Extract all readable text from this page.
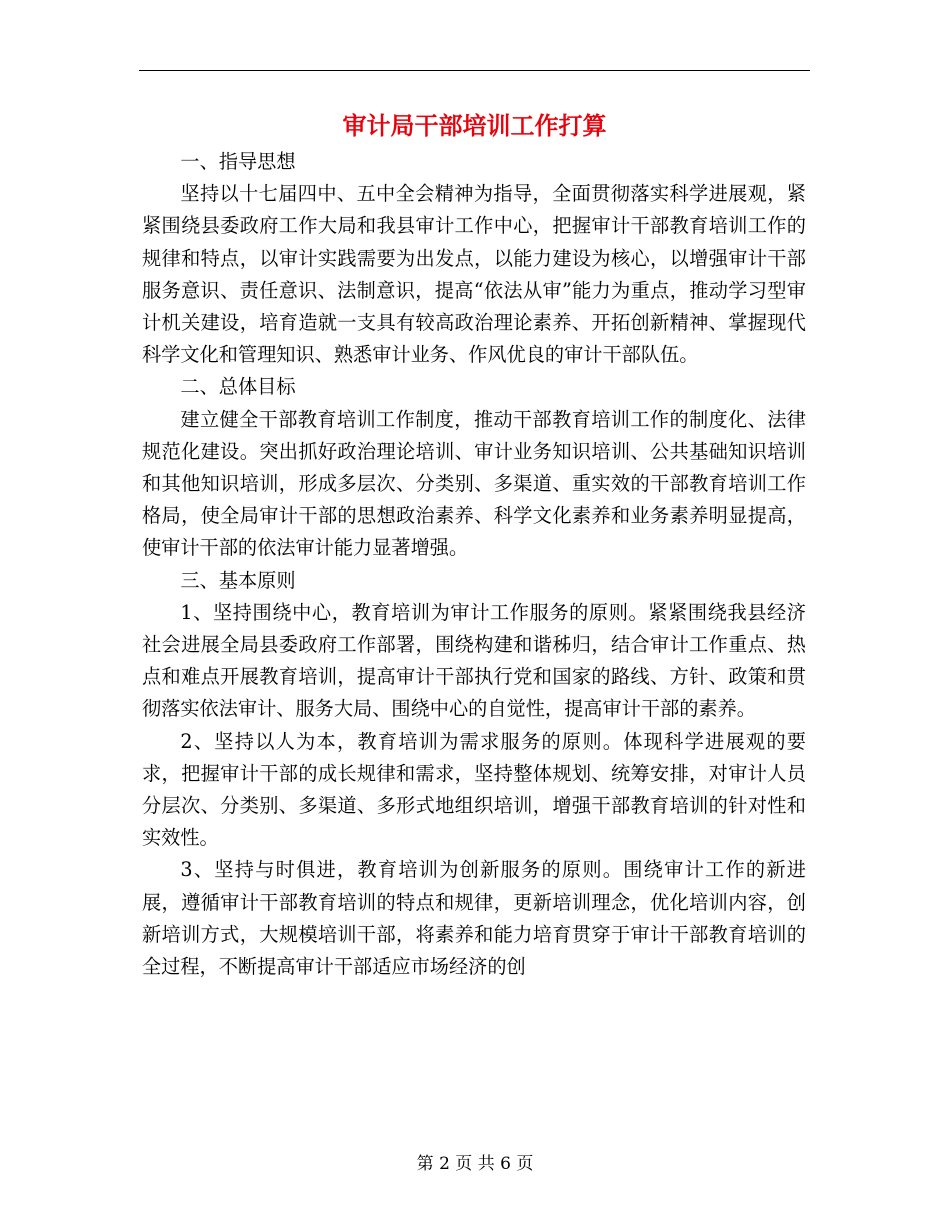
审计局干部培训工作打算

一、指导思想

坚持以十七届四中、五中全会精神为指导，全面贯彻落实科学进展观，紧紧围绕县委政府工作大局和我县审计工作中心，把握审计干部教育培训工作的规律和特点，以审计实践需要为出发点，以能力建设为核心，以增强审计干部服务意识、责任意识、法制意识，提高“依法从审”能力为重点，推动学习型审计机关建设，培育造就一支具有较高政治理论素养、开拓创新精神、掌握现代科学文化和管理知识、熟悉审计业务、作风优良的审计干部队伍。

二、总体目标

建立健全干部教育培训工作制度，推动干部教育培训工作的制度化、法律规范化建设。突出抓好政治理论培训、审计业务知识培训、公共基础知识培训和其他知识培训，形成多层次、分类别、多渠道、重实效的干部教育培训工作格局，使全局审计干部的思想政治素养、科学文化素养和业务素养明显提高，使审计干部的依法审计能力显著增强。

三、基本原则

1、坚持围绕中心，教育培训为审计工作服务的原则。紧紧围绕我县经济社会进展全局县委政府工作部署，围绕构建和谐秭归，结合审计工作重点、热点和难点开展教育培训，提高审计干部执行党和国家的路线、方针、政策和贯彻落实依法审计、服务大局、围绕中心的自觉性，提高审计干部的素养。

2、坚持以人为本，教育培训为需求服务的原则。体现科学进展观的要求，把握审计干部的成长规律和需求，坚持整体规划、统筹安排，对审计人员分层次、分类别、多渠道、多形式地组织培训，增强干部教育培训的针对性和实效性。

3、坚持与时俱进，教育培训为创新服务的原则。围绕审计工作的新进展，遵循审计干部教育培训的特点和规律，更新培训理念，优化培训内容，创新培训方式，大规模培训干部，将素养和能力培育贯穿于审计干部教育培训的全过程，不断提高审计干部适应市场经济的创

第 2 页 共 6 页
